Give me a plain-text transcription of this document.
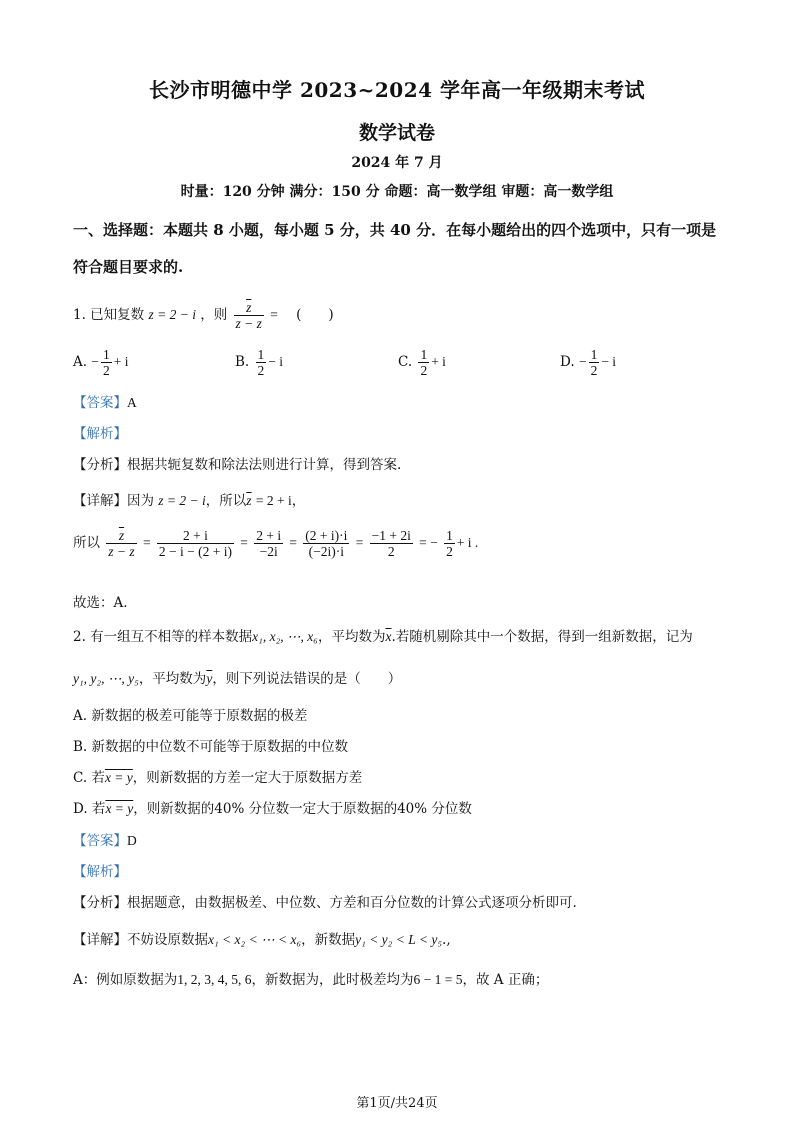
长沙市明德中学 2023~2024 学年高一年级期末考试
数学试卷
2024 年 7 月
时量：120 分钟 满分：150 分 命题：高一数学组 审题：高一数学组
一、选择题：本题共 8 小题，每小题 5 分，共 40 分．在每小题给出的四个选项中，只有一项是
符合题目要求的.
1. 已知复数 z = 2 − i ，则 $\frac{\overline{z}}{z - z}$ = (　　)
A. − $\frac{1}{2} + i$	B. $\frac{1}{2} - i$	C. $\frac{1}{2} + i$	D. − $\frac{1}{2} - i$
【答案】A
【解析】
【分析】根据共轭复数和除法法则进行计算，得到答案.
【详解】因为 z = 2 − i，所以$\overline{z} = 2 + i$，
所以 $\frac{\overline{z}}{z - z} = \frac{2 + i}{2 - i - (2 + i)} = \frac{2 + i}{-2i} = \frac{(2 + i)\cdot i}{(-2i)\cdot i} = \frac{-1 + 2i}{2}$ = − $\frac{1}{2} + i$ .
故选：A.
2. 有一组互不相等的样本数据x₁, x₂, ⋯, x₆，平均数为$\overline{x}$.若随机剔除其中一个数据，得到一组新数据，记为
y₁, y₂, ⋯, y₅，平均数为$\overline{y}$，则下列说法错误的是（　　）
A. 新数据的极差可能等于原数据的极差
B. 新数据的中位数不可能等于原数据的中位数
C. 若x = y，则新数据的方差一定大于原数据方差
D. 若x = y，则新数据的40% 分位数一定大于原数据的40% 分位数
【答案】D
【解析】
【分析】根据题意，由数据极差、中位数、方差和百分位数的计算公式逐项分析即可.
【详解】不妨设原数据x₁ < x₂ < ⋯ < x₆，新数据y₁ < y₂ < L < y₅.,
A：例如原数据为1, 2, 3, 4, 5, 6，新数据为，此时极差均为6 − 1 = 5，故 A 正确；
第1页/共24页
